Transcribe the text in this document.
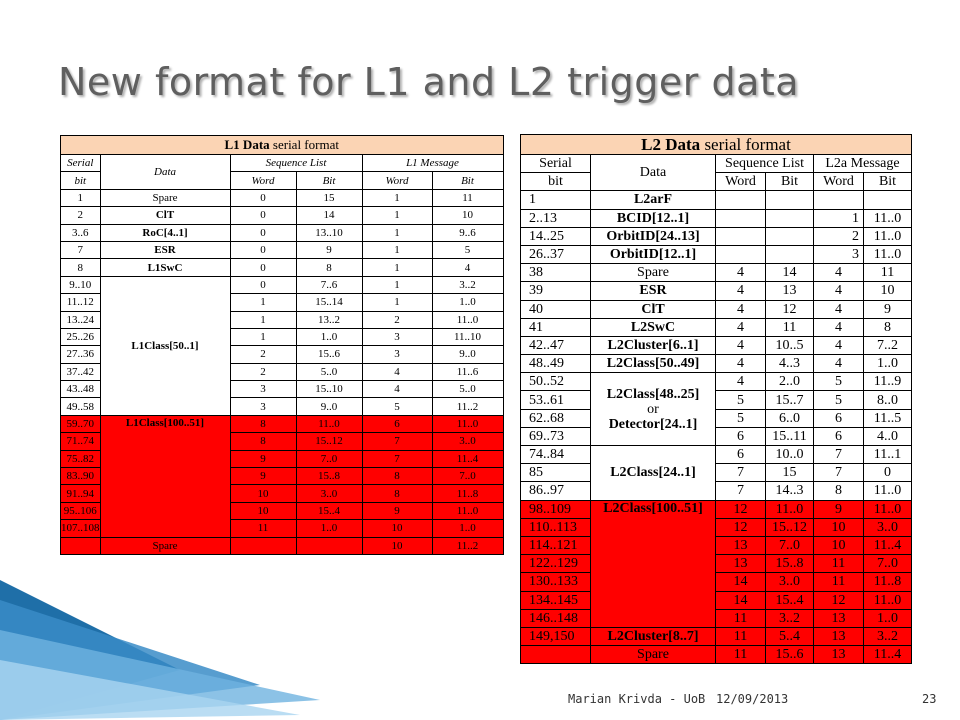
New format for L1 and L2 trigger data
L1 Data serial format					
Serial	Data	Sequence List		L1 Message	
bit		Word	Bit	Word	Bit
1	Spare	0	15	1	11
2	ClT	0	14	1	10
3..6	RoC[4..1]	0	13..10	1	9..6
7	ESR	0	9	1	5
8	L1SwC	0	8	1	4
9..10	L1Class[50..1]	0	7..6	1	3..2
11..12		1	15..14	1	1..0
13..24		1	13..2	2	11..0
25..26		1	1..0	3	11..10
27..36		2	15..6	3	9..0
37..42		2	5..0	4	11..6
43..48		3	15..10	4	5..0
49..58		3	9..0	5	11..2
59..70	L1Class[100..51]	8	11..0	6	11..0
71..74		8	15..12	7	3..0
75..82		9	7..0	7	11..4
83..90		9	15..8	8	7..0
91..94		10	3..0	8	11..8
95..106		10	15..4	9	11..0
107..108		11	1..0	10	1..0
	Spare			10	11..2
L2 Data serial format					
Serial	Data	Sequence List		L2a Message	
bit		Word	Bit	Word	Bit
1	L2arF				
2..13	BCID[12..1]			1	11..0
14..25	OrbitID[24..13]			2	11..0
26..37	OrbitID[12..1]			3	11..0
38	Spare	4	14	4	11
39	ESR	4	13	4	10
40	ClT	4	12	4	9
41	L2SwC	4	11	4	8
42..47	L2Cluster[6..1]	4	10..5	4	7..2
48..49	L2Class[50..49]	4	4..3	4	1..0
50..52	L2Class[48..25]
or
Detector[24..1]	4	2..0	5	11..9
53..61		5	15..7	5	8..0
62..68		5	6..0	6	11..5
69..73		6	15..11	6	4..0
74..84	L2Class[24..1]	6	10..0	7	11..1
85		7	15	7	0
86..97		7	14..3	8	11..0
98..109	L2Class[100..51]	12	11..0	9	11..0
110..113		12	15..12	10	3..0
114..121		13	7..0	10	11..4
122..129		13	15..8	11	7..0
130..133		14	3..0	11	11..8
134..145		14	15..4	12	11..0
146..148		11	3..2	13	1..0
149,150	L2Cluster[8..7]	11	5..4	13	3..2
	Spare	11	15..6	13	11..4
Marian Krivda - UoB 12/09/2013	23
